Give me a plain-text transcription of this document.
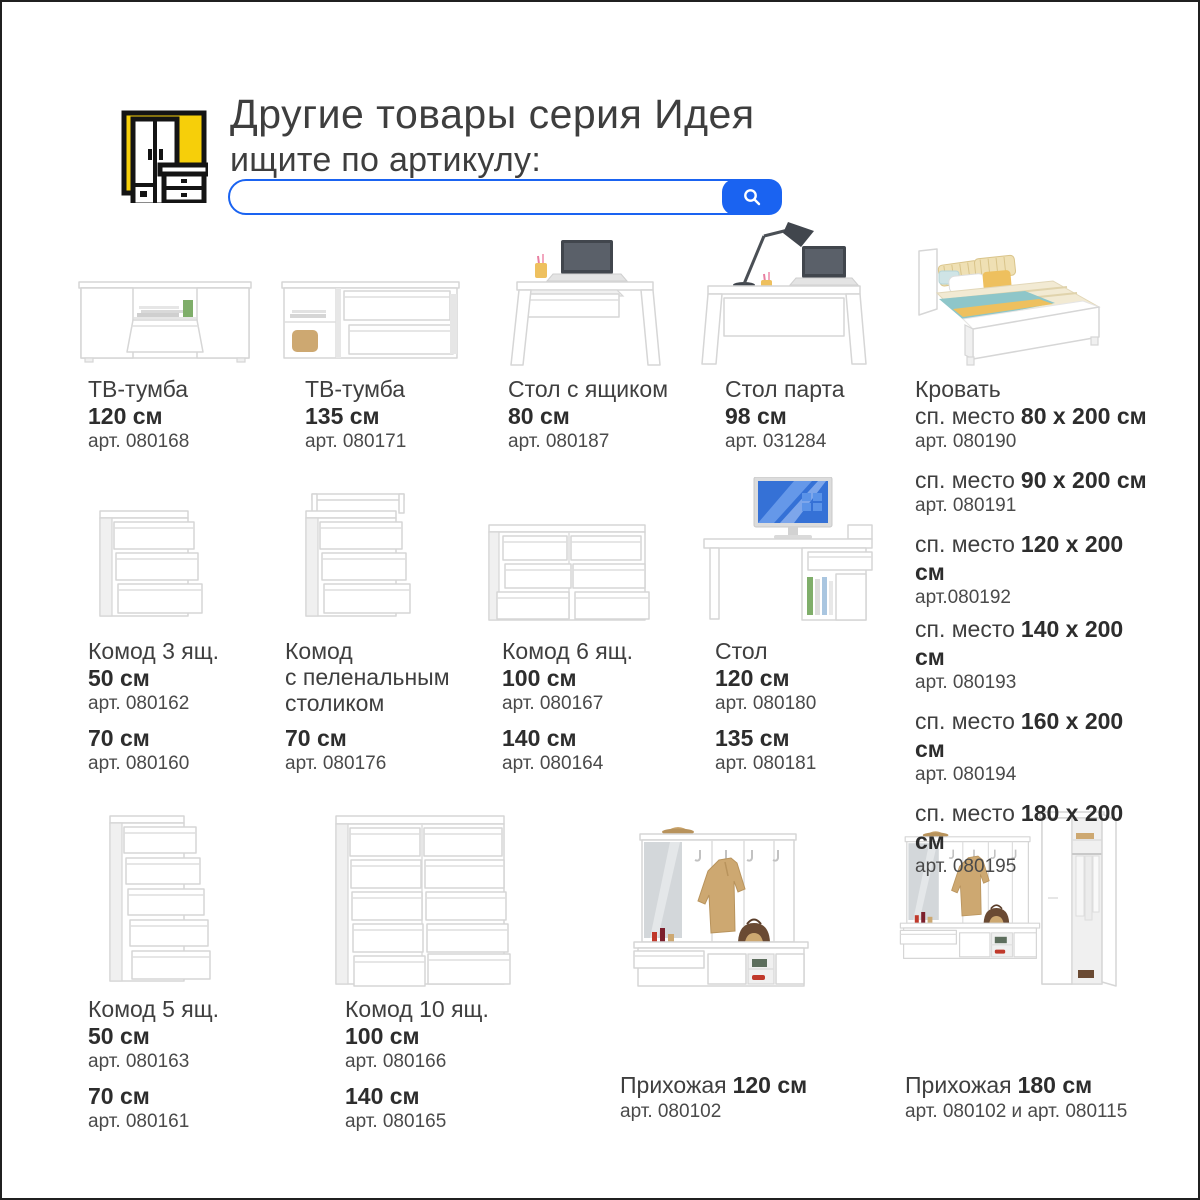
Другие товары серия Идея
ищите по артикулу:
ТВ-тумба
120 см
арт. 080168
ТВ-тумба
135 см
арт. 080171
Стол с ящиком
80 см
арт. 080187
Стол парта
98 см
арт. 031284
Кровать
сп. место 80 x 200 см
арт. 080190
сп. место 90 x 200 см
арт. 080191
сп. место 120 x 200 см
арт.080192
сп. место 140 x 200 см
арт. 080193
сп. место 160 x 200 см
арт. 080194
сп. место 180 x 200 см
арт. 080195
Комод 3 ящ.
50 см
арт. 080162
70 см
арт. 080160
Комод
с пеленальным
столиком
70 см
арт. 080176
Комод 6 ящ.
100 см
арт. 080167
140 см
арт. 080164
Стол
120 см
арт. 080180
135 см
арт. 080181
Комод 5 ящ.
50 см
арт. 080163
70 см
арт. 080161
Комод 10 ящ.
100 см
арт. 080166
140 см
арт. 080165
Прихожая 120 см
арт. 080102
Прихожая 180 см
арт. 080102 и арт. 080115
